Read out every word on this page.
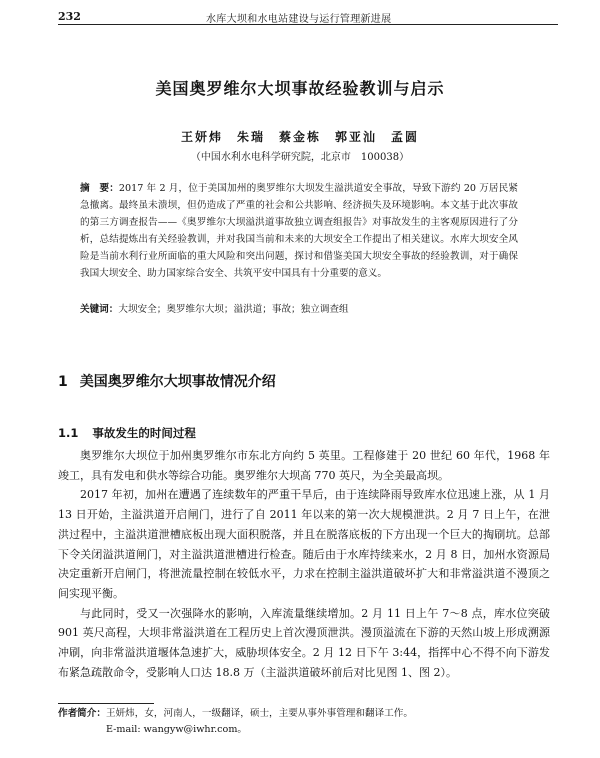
232	水库大坝和水电站建设与运行管理新进展
美国奥罗维尔大坝事故经验教训与启示
王妍炜　朱瑞　蔡金栋　郭亚汕　孟圆
（中国水利水电科学研究院，北京市　100038）

摘　要：2017 年 2 月，位于美国加州的奥罗维尔大坝发生溢洪道安全事故，导致下游约 20 万居民紧急撤离。最终虽未溃坝，但仍造成了严重的社会和公共影响、经济损失及环境影响。本文基于此次事故的第三方调查报告——《奥罗维尔大坝溢洪道事故独立调查组报告》对事故发生的主客观原因进行了分析，总结提炼出有关经验教训，并对我国当前和未来的大坝安全工作提出了相关建议。水库大坝安全风险是当前水利行业所面临的重大风险和突出问题，探讨和借鉴美国大坝安全事故的经验教训，对于确保我国大坝安全、助力国家综合安全、共筑平安中国具有十分重要的意义。

关键词：大坝安全；奥罗维尔大坝；溢洪道；事故；独立调查组

1 美国奥罗维尔大坝事故情况介绍
1.1 事故发生的时间过程

奥罗维尔大坝位于加州奥罗维尔市东北方向约 5 英里。工程修建于 20 世纪 60 年代，1968 年竣工，具有发电和供水等综合功能。奥罗维尔大坝高 770 英尺，为全美最高坝。

2017 年初，加州在遭遇了连续数年的严重干旱后，由于连续降雨导致库水位迅速上涨，从 1 月 13 日开始，主溢洪道开启闸门，进行了自 2011 年以来的第一次大规模泄洪。2 月 7 日上午，在泄洪过程中，主溢洪道泄槽底板出现大面积脱落，并且在脱落底板的下方出现一个巨大的掏刷坑。总部下令关闭溢洪道闸门，对主溢洪道泄槽进行检查。随后由于水库持续来水，2 月 8 日，加州水资源局决定重新开启闸门，将泄流量控制在较低水平，力求在控制主溢洪道破坏扩大和非常溢洪道不漫顶之间实现平衡。

与此同时，受又一次强降水的影响，入库流量继续增加。2 月 11 日上午 7～8 点，库水位突破 901 英尺高程，大坝非常溢洪道在工程历史上首次漫顶泄洪。漫顶溢流在下游的天然山坡上形成溯源冲刷，向非常溢洪道堰体急速扩大，威胁坝体安全。2 月 12 日下午 3:44，指挥中心不得不向下游发布紧急疏散命令，受影响人口达 18.8 万（主溢洪道破坏前后对比见图 1、图 2）。

作者简介：王妍炜，女，河南人，一级翻译，硕士，主要从事外事管理和翻译工作。
E-mail: wangyw@iwhr.com。
